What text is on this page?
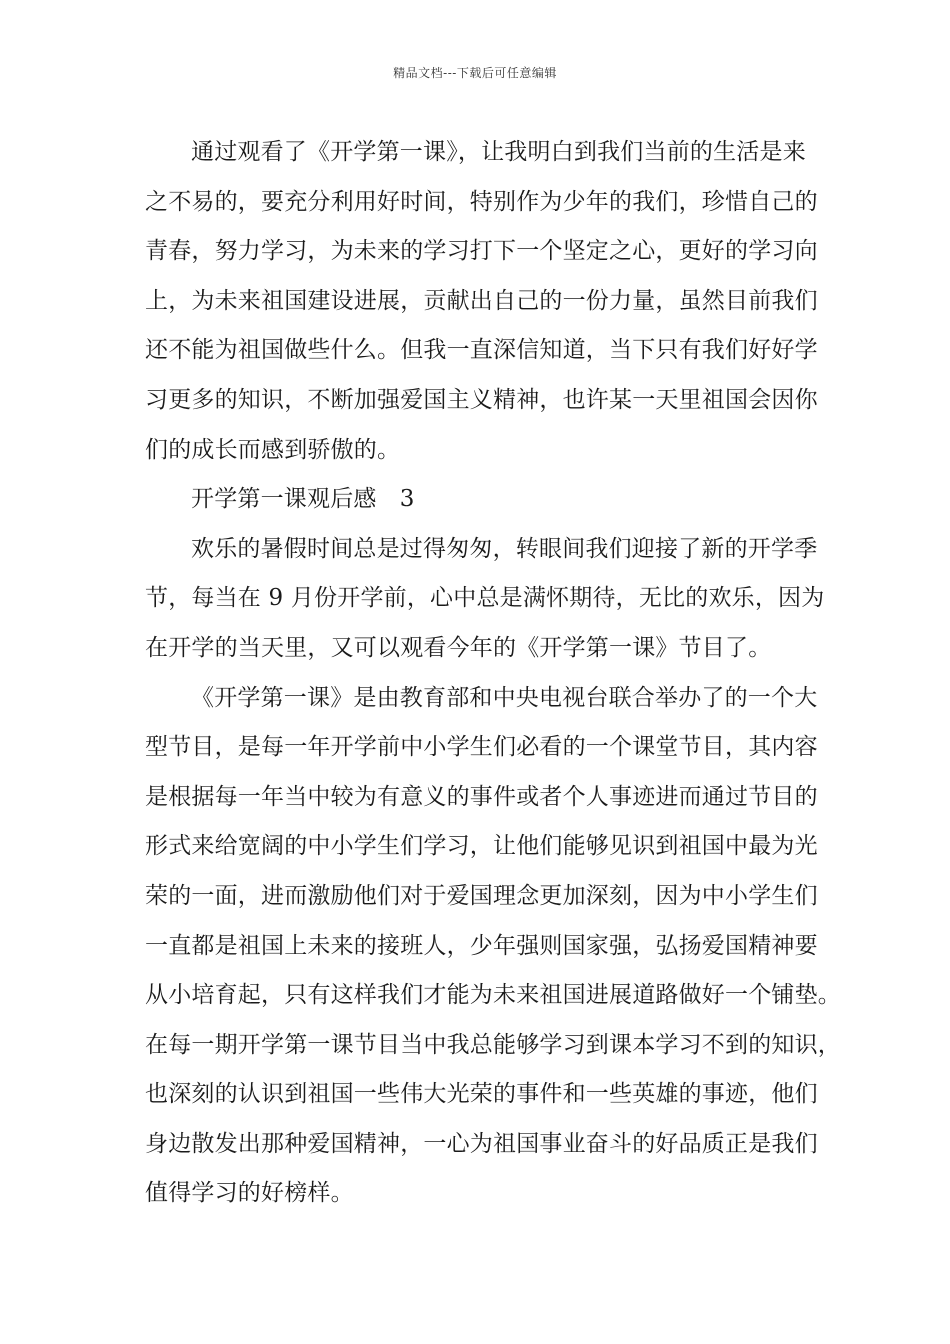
精品文档---下载后可任意编辑
通过观看了《开学第一课》，让我明白到我们当前的生活是来
之不易的，要充分利用好时间，特别作为少年的我们，珍惜自己的
青春，努力学习，为未来的学习打下一个坚定之心，更好的学习向
上，为未来祖国建设进展，贡献出自己的一份力量，虽然目前我们
还不能为祖国做些什么。但我一直深信知道，当下只有我们好好学
习更多的知识，不断加强爱国主义精神，也许某一天里祖国会因你
们的成长而感到骄傲的。
开学第一课观后感　3
欢乐的暑假时间总是过得匆匆，转眼间我们迎接了新的开学季
节，每当在 9 月份开学前，心中总是满怀期待，无比的欢乐，因为
在开学的当天里，又可以观看今年的《开学第一课》节目了。
《开学第一课》是由教育部和中央电视台联合举办了的一个大
型节目，是每一年开学前中小学生们必看的一个课堂节目，其内容
是根据每一年当中较为有意义的事件或者个人事迹进而通过节目的
形式来给宽阔的中小学生们学习，让他们能够见识到祖国中最为光
荣的一面，进而激励他们对于爱国理念更加深刻，因为中小学生们
一直都是祖国上未来的接班人，少年强则国家强，弘扬爱国精神要
从小培育起，只有这样我们才能为未来祖国进展道路做好一个铺垫。
在每一期开学第一课节目当中我总能够学习到课本学习不到的知识，
也深刻的认识到祖国一些伟大光荣的事件和一些英雄的事迹，他们
身边散发出那种爱国精神，一心为祖国事业奋斗的好品质正是我们
值得学习的好榜样。
